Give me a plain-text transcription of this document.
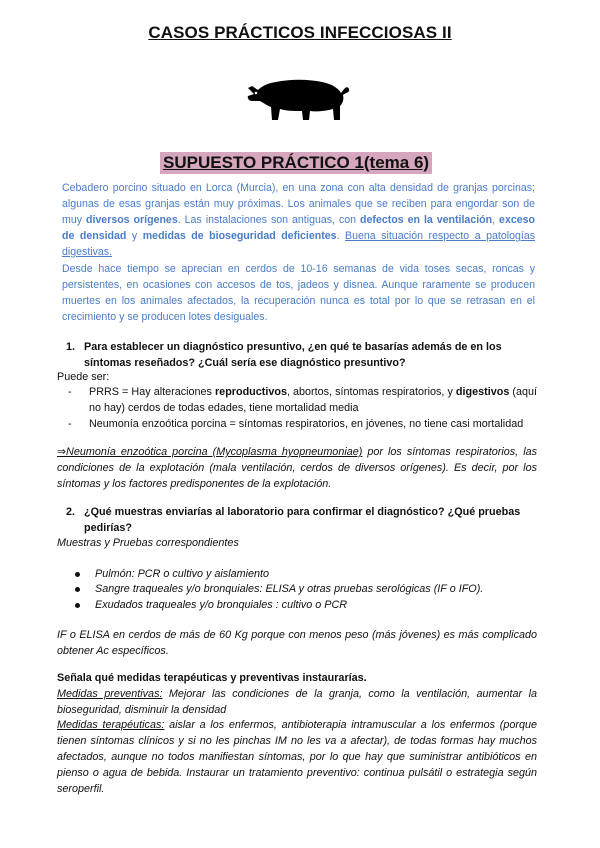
CASOS PRÁCTICOS INFECCIOSAS II
SUPUESTO PRÁCTICO 1(tema 6)
Cebadero porcino situado en Lorca (Murcia), en una zona con alta densidad de granjas porcinas; algunas de esas granjas están muy próximas. Los animales que se reciben para engordar son de muy diversos orígenes. Las instalaciones son antiguas, con defectos en la ventilación, exceso de densidad y medidas de bioseguridad deficientes. Buena situación respecto a patologías digestivas.
Desde hace tiempo se aprecian en cerdos de 10-16 semanas de vida toses secas, roncas y persistentes, en ocasiones con accesos de tos, jadeos y disnea. Aunque raramente se producen muertes en los animales afectados, la recuperación nunca es total por lo que se retrasan en el crecimiento y se producen lotes desiguales.
1. Para establecer un diagnóstico presuntivo, ¿en qué te basarías además de en los
síntomas reseñados? ¿Cuál sería ese diagnóstico presuntivo?
Puede ser:
- PRRS = Hay alteraciones reproductivos, abortos, síntomas respiratorios, y digestivos (aquí no hay) cerdos de todas edades, tiene mortalidad media
- Neumonía enzoótica porcina = síntomas respiratorios, en jóvenes, no tiene casi mortalidad
⇒Neumonía enzoótica porcina (Mycoplasma hyopneumoniae) por los síntomas respiratorios, las condiciones de la explotación (mala ventilación, cerdos de diversos orígenes). Es decir, por los síntomas y los factores predisponentes de la explotación.
2. ¿Qué muestras enviarías al laboratorio para confirmar el diagnóstico? ¿Qué pruebas
pedirías?
Muestras y Pruebas correspondientes
Pulmón: PCR o cultivo y aislamiento
Sangre traqueales y/o bronquiales: ELISA y otras pruebas serológicas (IF o IFO).
Exudados traqueales y/o bronquiales : cultivo o PCR
IF o ELISA en cerdos de más de 60 Kg porque con menos peso (más jóvenes) es más complicado obtener Ac específicos.
Señala qué medidas terapéuticas y preventivas instaurarías.
Medidas preventivas: Mejorar las condiciones de la granja, como la ventilación, aumentar la bioseguridad, disminuir la densidad
Medidas terapéuticas: aislar a los enfermos, antibioterapia intramuscular a los enfermos (porque tienen síntomas clínicos y si no les pinchas IM no les va a afectar), de todas formas hay muchos afectados, aunque no todos manifiestan síntomas, por lo que hay que suministrar antibióticos en pienso o agua de bebida. Instaurar un tratamiento preventivo: continua pulsátil o estrategia según seroperfil.
